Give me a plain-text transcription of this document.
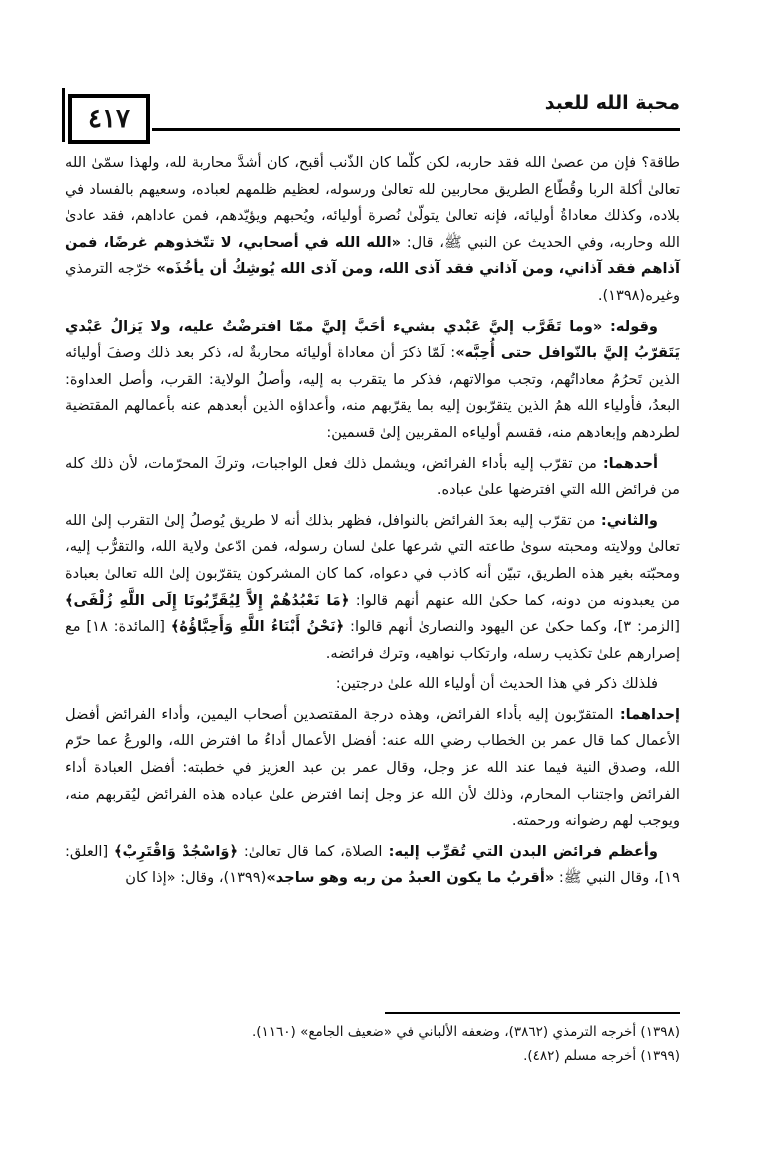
٤١٧
محبة الله للعبد

طاقة؟ فإن من عصىٰ الله فقد حاربه، لكن كلّما كان الذّنب أقبح، كان أشدَّ محاربة لله، ولهذا سمّىٰ الله تعالىٰ أكلة الربا وقُطّاع الطريق محاربين لله تعالىٰ ورسوله، لعظيم ظلمهم لعباده، وسعيهم بالفساد في بلاده، وكذلك معاداةُ أوليائه، فإنه تعالىٰ يتولّىٰ نُصرة أوليائه، ويُحبهم ويؤيّدهم، فمن عاداهم، فقد عادىٰ الله وحاربه، وفي الحديث عن النبي ﷺ، قال: «الله الله في أصحابي، لا تتّخذوهم غرضًا، فمن آذاهم فقد آذاني، ومن آذاني فقد آذى الله، ومن آذى الله يُوشِكُ أن يأخُذَه» خرّجه الترمذي وغيره(١٣٩٨).

وقوله: «وما تَقَرَّب إليَّ عَبْدي بشيء أحَبَّ إليَّ ممّا افترضْتُ عليه، ولا يَزالُ عَبْدي يَتَقرّبُ إليَّ بالنّوافل حتى أُحِبَّه»: لَمّا ذكرَ أن معاداة أوليائه محاربةٌ له، ذكر بعد ذلك وصفَ أوليائه الذين تَحرُمُ معاداتُهم، وتجب موالاتهم، فذكر ما يتقرب به إليه، وأصلُ الولاية: القرب، وأصل العداوة: البعدُ، فأولياء الله همُ الذين يتقرّبون إليه بما يقرّبهم منه، وأعداؤه الذين أبعدهم عنه بأعمالهم المقتضية لطردهم وإبعادهم منه، فقسم أولياءه المقربين إلىٰ قسمين:

أحدهما: من تقرّب إليه بأداء الفرائض، ويشمل ذلك فعل الواجبات، وتركَ المحرّمات، لأن ذلك كله من فرائض الله التي افترضها علىٰ عباده.

والثاني: من تقرّب إليه بعدَ الفرائض بالنوافل، فظهر بذلك أنه لا طريق يُوصلُ إلىٰ التقرب إلىٰ الله تعالىٰ وولايته ومحبته سوىٰ طاعته التي شرعها علىٰ لسان رسوله، فمن ادّعىٰ ولاية الله، والتقرُّب إليه، ومحبّته بغير هذه الطريق، تبيّن أنه كاذب في دعواه، كما كان المشركون يتقرّبون إلىٰ الله تعالىٰ بعبادة من يعبدونه من دونه، كما حكىٰ الله عنهم أنهم قالوا: ﴿مَا نَعْبُدُهُمْ إِلاَّ لِيُقَرِّبُونَا إِلَى اللَّهِ زُلْفَى﴾ [الزمر: ٣]، وكما حكىٰ عن اليهود والنصارىٰ أنهم قالوا: ﴿نَحْنُ أَبْنَاءُ اللَّهِ وَأَحِبَّاؤُهُ﴾ [المائدة: ١٨] مع إصرارهم علىٰ تكذيب رسله، وارتكاب نواهيه، وترك فرائضه.

فلذلك ذكر في هذا الحديث أن أولياء الله علىٰ درجتين:

إحداهما: المتقرّبون إليه بأداء الفرائض، وهذه درجة المقتصدين أصحاب اليمين، وأداء الفرائض أفضل الأعمال كما قال عمر بن الخطاب رضي الله عنه: أفضل الأعمال أداءُ ما افترض الله، والورعُ عما حرّم الله، وصدق النية فيما عند الله عز وجل، وقال عمر بن عبد العزيز في خطبته: أفضل العبادة أداء الفرائض واجتناب المحارم، وذلك لأن الله عز وجل إنما افترض علىٰ عباده هذه الفرائض ليُقربهم منه، ويوجب لهم رضوانه ورحمته.

وأعظم فرائض البدن التي تُقرِّب إليه: الصلاة، كما قال تعالىٰ: ﴿وَاسْجُدْ وَاقْتَرِبْ﴾ [العلق: ١٩]، وقال النبي ﷺ: «أقربُ ما يكون العبدُ من ربه وهو ساجد»(١٣٩٩)، وقال: «إذا كان

(١٣٩٨) أخرجه الترمذي (٣٨٦٢)، وضعفه الألباني في «ضعيف الجامع» (١١٦٠).

(١٣٩٩) أخرجه مسلم (٤٨٢).
